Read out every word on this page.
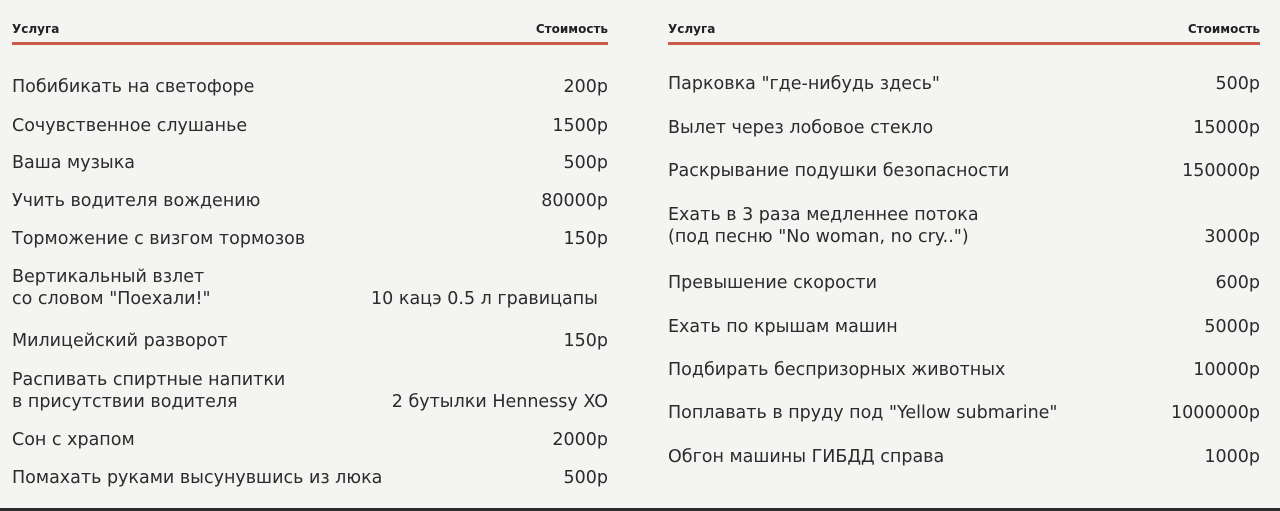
Услуга	Стоимость
Побибикать на светофоре	200р
Сочувственное слушанье	1500р
Ваша музыка	500р
Учить водителя вождению	80000р
Торможение с визгом тормозов	150р
Вертикальный взлет
со словом "Поехали!"	10 кацэ 0.5 л гравицапы
Милицейский разворот	150р
Распивать спиртные напитки
в присутствии водителя	2 бутылки Hennessy XO
Сон с храпом	2000р
Помахать руками высунувшись из люка	500р
Услуга	Стоимость
Парковка "где-нибудь здесь"	500р
Вылет через лобовое стекло	15000р
Раскрывание подушки безопасности	150000р
Ехать в 3 раза медленнее потока
(под песню "No woman, no cry..")	3000р
Превышение скорости	600р
Ехать по крышам машин	5000р
Подбирать беспризорных животных	10000р
Поплавать в пруду под "Yellow submarine"	1000000р
Обгон машины ГИБДД справа	1000р
